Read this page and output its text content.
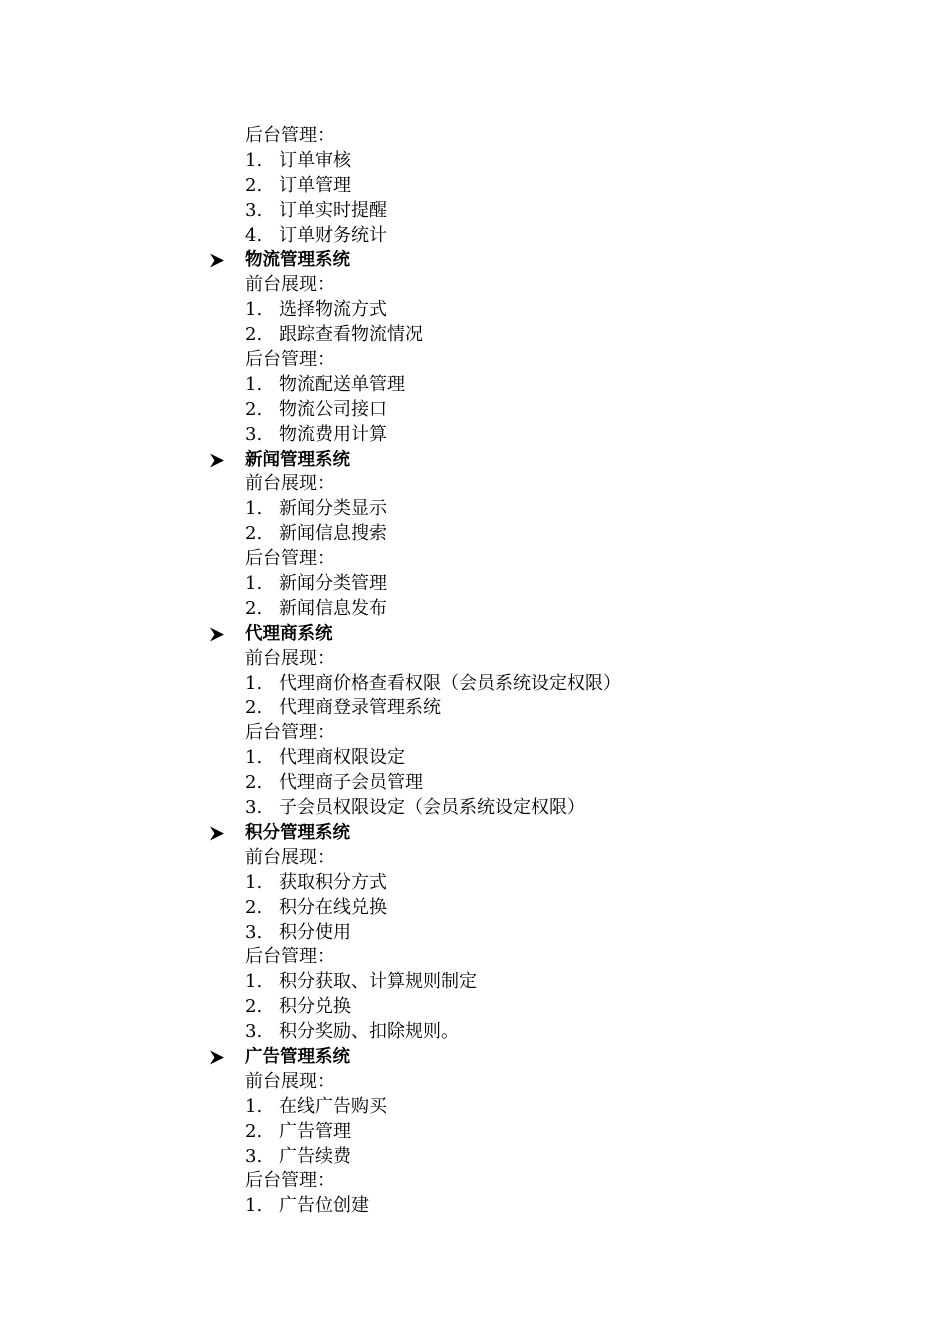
后台管理：
1. 订单审核
2. 订单管理
3. 订单实时提醒
4. 订单财务统计
物流管理系统
前台展现：
1. 选择物流方式
2. 跟踪查看物流情况
后台管理：
1. 物流配送单管理
2. 物流公司接口
3. 物流费用计算
新闻管理系统
前台展现：
1. 新闻分类显示
2. 新闻信息搜索
后台管理：
1. 新闻分类管理
2. 新闻信息发布
代理商系统
前台展现：
1. 代理商价格查看权限（会员系统设定权限）
2. 代理商登录管理系统
后台管理：
1. 代理商权限设定
2. 代理商子会员管理
3. 子会员权限设定（会员系统设定权限）
积分管理系统
前台展现：
1. 获取积分方式
2. 积分在线兑换
3. 积分使用
后台管理：
1. 积分获取、计算规则制定
2. 积分兑换
3. 积分奖励、扣除规则。
广告管理系统
前台展现：
1. 在线广告购买
2. 广告管理
3. 广告续费
后台管理：
1. 广告位创建
